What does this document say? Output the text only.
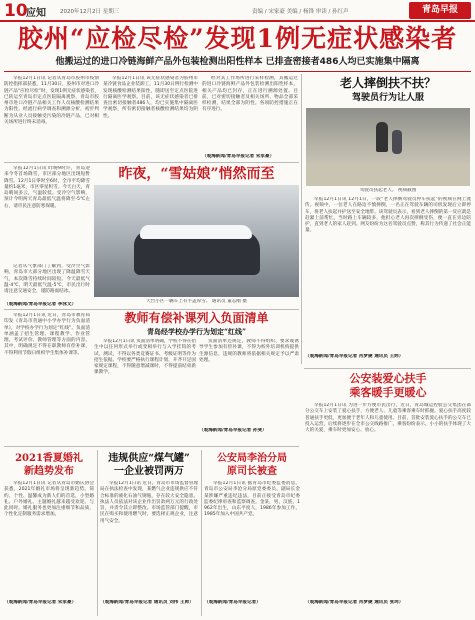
10
应知	2020年12月2日 星期三	责编 / 宋家豪 美编 / 杨锋 审读 / 孙红声	青岛早报
胶州“应检尽检”发现1例无症状感染者
他搬运过的进口冷链海鲜产品外包装检测出阳性样本 已排查密接者486人均已实施集中隔离

早报12月1日讯 记者从青岛市胶州市疫情防控指挥部获悉，11月30日，胶州市对进口冷链产品“应检尽检”时，发现1例无症状感染者，已转运至青岛市定点医院隔离观察，青岛市胶州市进口冷链产品相关工作人员核酸检测结果为阳性。经流行病学调查和溯源分析，初步判断为从业人员接触受污染的冷链产品，已对相关场所进行终末消毒。

早报12月1日讯 该无症状感染者为胶州市某冷链食品企业装卸工，11月30日例行检测中发现核酸检测结果阳性，随即送至定点医院进行隔离医学观察。目前，该无症状感染者已排查出密切接触者486人，均已实施集中隔离医学观察，所有密切接触者核酸检测结果均为阴性。

经对其工作场所进行采样检测，其搬运过的进口冷链海鲜产品外包装检测出阳性样本，相关产品均已封存，正在进行溯源处置。目前，已对密切接触者及相关场所、物品全部采样检测，结果全部为阴性。各项防控措施正在有序进行。

（观海新闻/青岛早报记者 宋家豪）
老人摔倒扶不扶？
驾驶员行为让人服
驾驶员扶起老人。 视频截图

早报12月1日讯 12月1日，一段“老人摔倒驾驶员停车扶起”的视频在网上流传。视频中，一位老人在路边不慎摔倒，一名正在驾驶车辆的司机发现后立即停车，将老人扶起并护送至安全地带。该驾驶员表示，看到老人摔倒的第一反应就是赶紧上前帮忙。当时路上车辆较多，他担心老人再次摔倒受伤，便一直在旁边陪护，直到老人的家人赶到。网友纷纷为这名驾驶员点赞，称其行为传递了社会正能量。

（观海新闻/青岛早报记者 肖梦捷 通讯员 王炜）

早报12月1日讯 昨晚9时许，青岛迎来今冬首场降雪，市区部分地区出现短暂降雪。12月1日零时至6时，全市平均降雪量约1毫米，市区零星积雪。今天白天，青岛晴间多云，气温较低。受冷空气影响，预计今明两天青岛最低气温将降至-5℃左右，请市民注意防寒保暖。

记者从气象部门了解到，受冷空气影响，青岛市大部分地区出现了降温降雪天气，本次降雪持续时间较短。今天最低气温-4℃，明天最低气温-5℃，市民出行时请注意交通安全，谨防路面结冰。

（观海新闻/青岛早报记者 李泳文）
昨夜，“雪姑娘”悄然而至
天台小区一辆车上有半盖厚雪。 通讯员 董志刚 摄
教师有偿补课列入负面清单
青岛经学校办学行为划定“红线”

早报12月1日讯 近日，青岛市教育局印发《青岛市普通中小学办学行为负面清单》，对学校办学行为划定“红线”。负面清单涵盖了招生管理、课程教学、作业管理、考试评价、教师管理等方面的内容。其中，明确规定不得在职教师有偿补课，不得利用节假日组织学生集体补课等。

早报12月1日讯 负面清单明确，学校不得在招生中以任何形式举行或变相举行与入学挂钩的考试、测试，不得以各类竞赛证书、考级证明等作为招生依据。学校要严格执行课程计划，开齐开足国家规定课程，不得随意增减课时，不得提前结束新课教学。

负面清单还规定，教师不得组织、要求或诱导学生参加有偿补课，不得为校外培训机构提供生源信息，违规的教师将依据相关规定予以严肃处理。

（观海新闻/青岛早报记者 孙斐）
公安装爱心扶手
乘客暖手更暖心

早报12月1日讯 为进一步方便市民出行，近日，青岛城运控股公交集团在部分公交车上安装了爱心扶手，方便老人、儿童等乘客乘车时抓握。爱心扶手高度较普通扶手更低，更加便于老年人和儿童使用。目前，首批安装爱心扶手的公交车已投入运营，后续将逐步在全市公交线路推广。乘客纷纷表示，小小的扶手体现了大大的关爱，乘车时更加安心、放心。

（观海新闻/青岛早报记者 肖梦捷 通讯员 张珂）
2021香夏婚礼
新趋势发布

早报12月1日讯 记者从青岛市婚庆协会获悉，2021年婚礼市场将呈现新趋势。简约、个性、温馨成为新人们的首选，小型婚礼、户外婚礼、主题婚礼越来越受欢迎。与此同时，婚礼服务也更加注重细节和品质，个性化定制服务需求增加。

（观海新闻/青岛早报记者 宋家豪）
违规供应“煤气罐”
一企业被罚两万

早报12月1日讯 近日，青岛市市场监督管理局在执法检查中发现，某燃气企业违规供应不符合标准的液化石油气钢瓶，存在较大安全隐患。执法人员依法对该企业作出罚款两万元的行政处罚，并责令其立即整改。市场监管部门提醒，市民在购买和使用燃气时，要选择正规企业，注意用气安全。

（观海新闻/青岛早报记者 通讯员 刘伟 王帅）
公安局李治分局
原司长被查

早报12月1日讯 据青岛市纪委监委消息，青岛市公安局李沧分局原党委委员、副局长金某涉嫌严重违纪违法，目前正接受青岛市纪委监委纪律审查和监察调查。金某，男，汉族，1962年出生，山东平度人，1986年参加工作，1985年加入中国共产党。

（观海新闻/青岛早报记者）
